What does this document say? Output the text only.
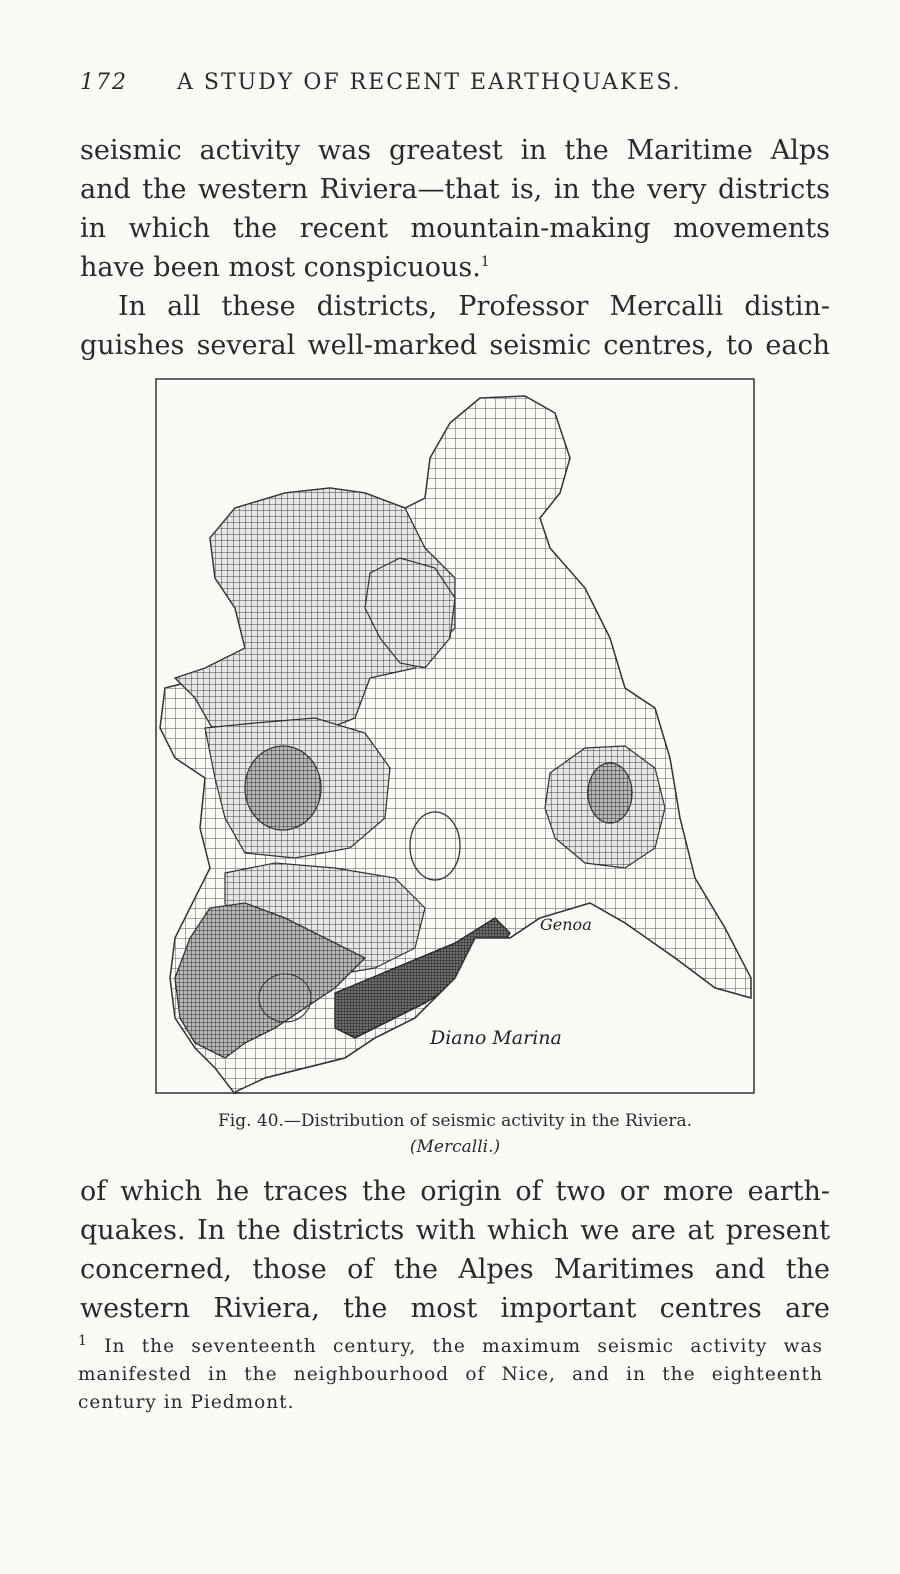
172 A STUDY OF RECENT EARTHQUAKES.
seismic activity was greatest in the Maritime Alps
and the western Riviera—that is, in the very districts
in which the recent mountain-making movements
have been most conspicuous.$^1$
In all these districts, Professor Mercalli distin-
guishes several well-marked seismic centres, to each
Genoa
Diano Marina
Fig. 40.—Distribution of seismic activity in the Riviera.
(Mercalli.)
of which he traces the origin of two or more earth-
quakes. In the districts with which we are at present
concerned, those of the Alpes Maritimes and the
western Riviera, the most important centres are
$^1$ In the seventeenth century, the maximum seismic activity was
manifested in the neighbourhood of Nice, and in the eighteenth
century in Piedmont.
